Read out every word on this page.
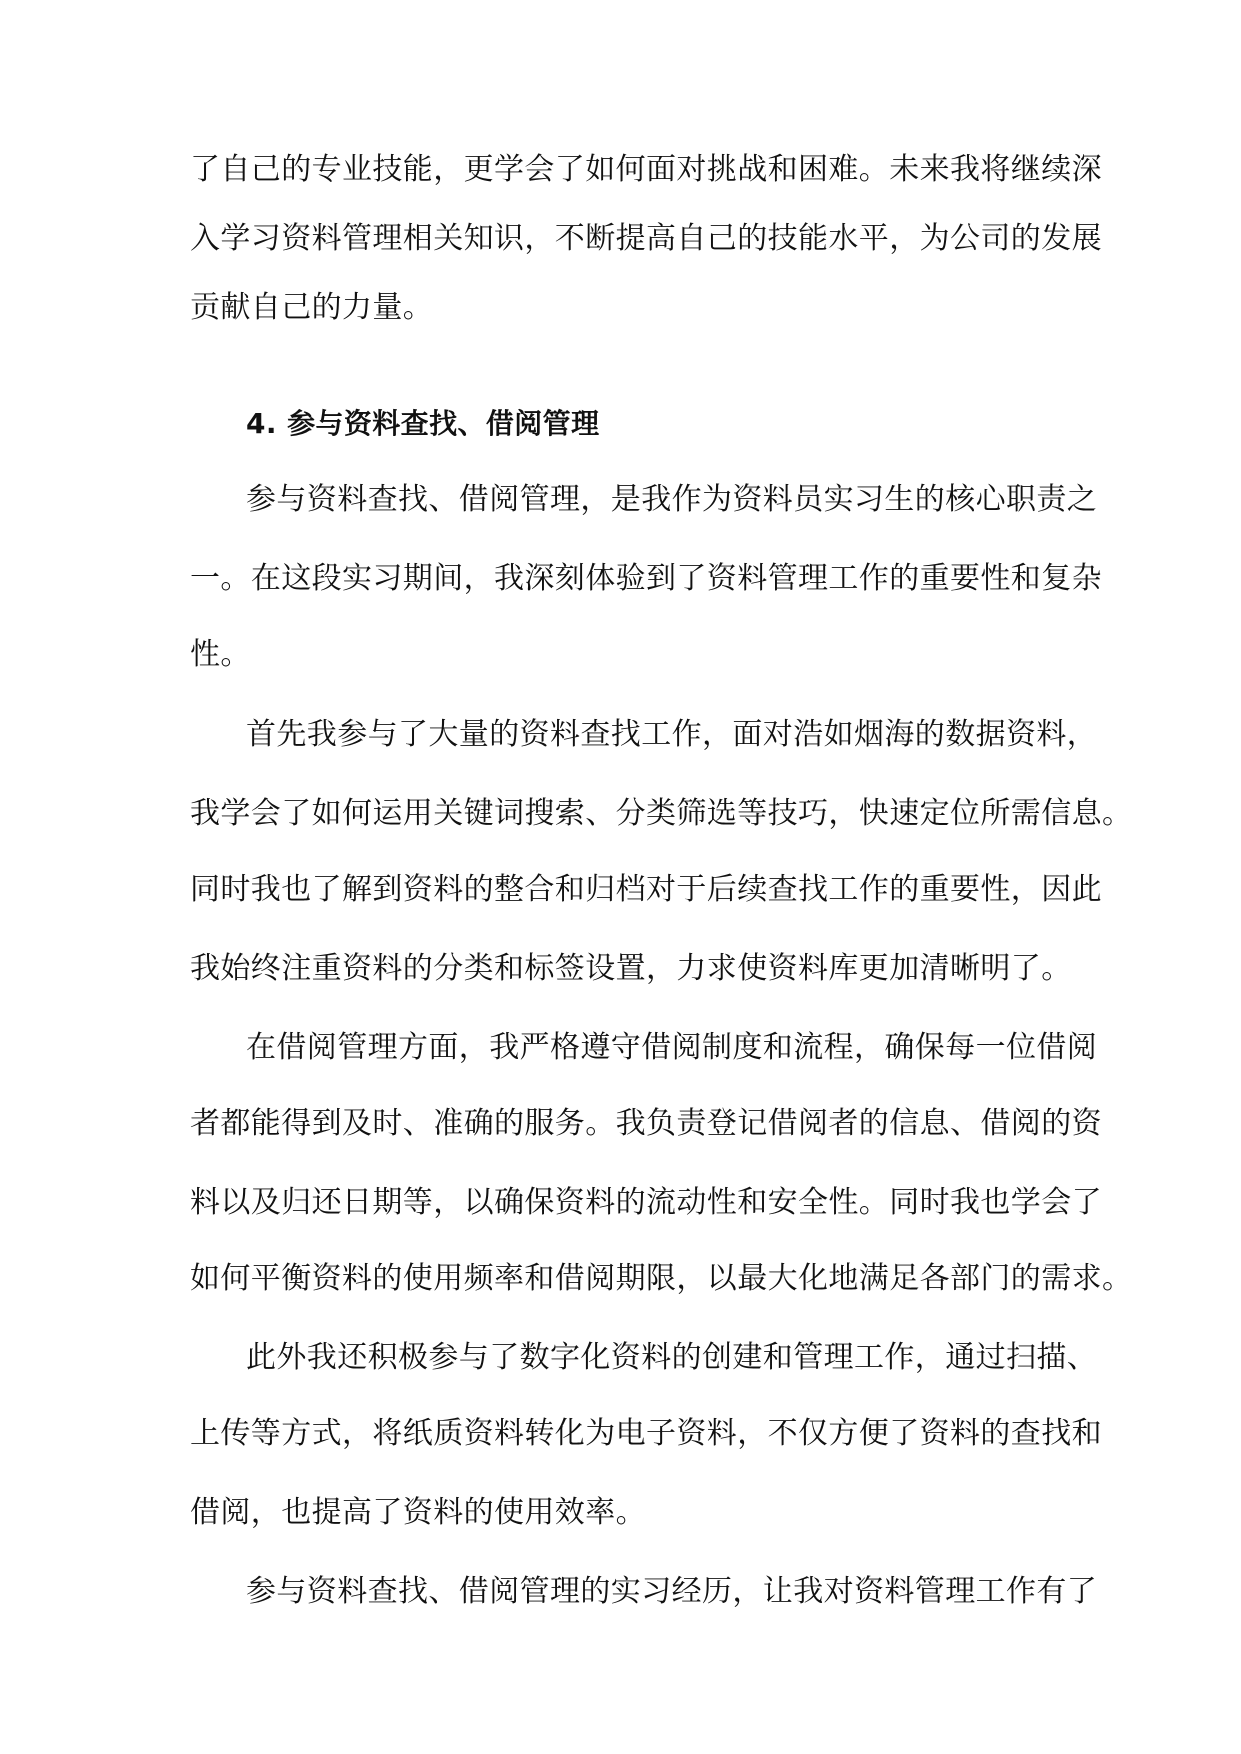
了自己的专业技能，更学会了如何面对挑战和困难。未来我将继续深
入学习资料管理相关知识，不断提高自己的技能水平，为公司的发展
贡献自己的力量。
4. 参与资料查找、借阅管理
参与资料查找、借阅管理，是我作为资料员实习生的核心职责之
一。在这段实习期间，我深刻体验到了资料管理工作的重要性和复杂
性。
首先我参与了大量的资料查找工作，面对浩如烟海的数据资料，
我学会了如何运用关键词搜索、分类筛选等技巧，快速定位所需信息。
同时我也了解到资料的整合和归档对于后续查找工作的重要性，因此
我始终注重资料的分类和标签设置，力求使资料库更加清晰明了。
在借阅管理方面，我严格遵守借阅制度和流程，确保每一位借阅
者都能得到及时、准确的服务。我负责登记借阅者的信息、借阅的资
料以及归还日期等，以确保资料的流动性和安全性。同时我也学会了
如何平衡资料的使用频率和借阅期限，以最大化地满足各部门的需求。
此外我还积极参与了数字化资料的创建和管理工作，通过扫描、
上传等方式，将纸质资料转化为电子资料，不仅方便了资料的查找和
借阅，也提高了资料的使用效率。
参与资料查找、借阅管理的实习经历，让我对资料管理工作有了
